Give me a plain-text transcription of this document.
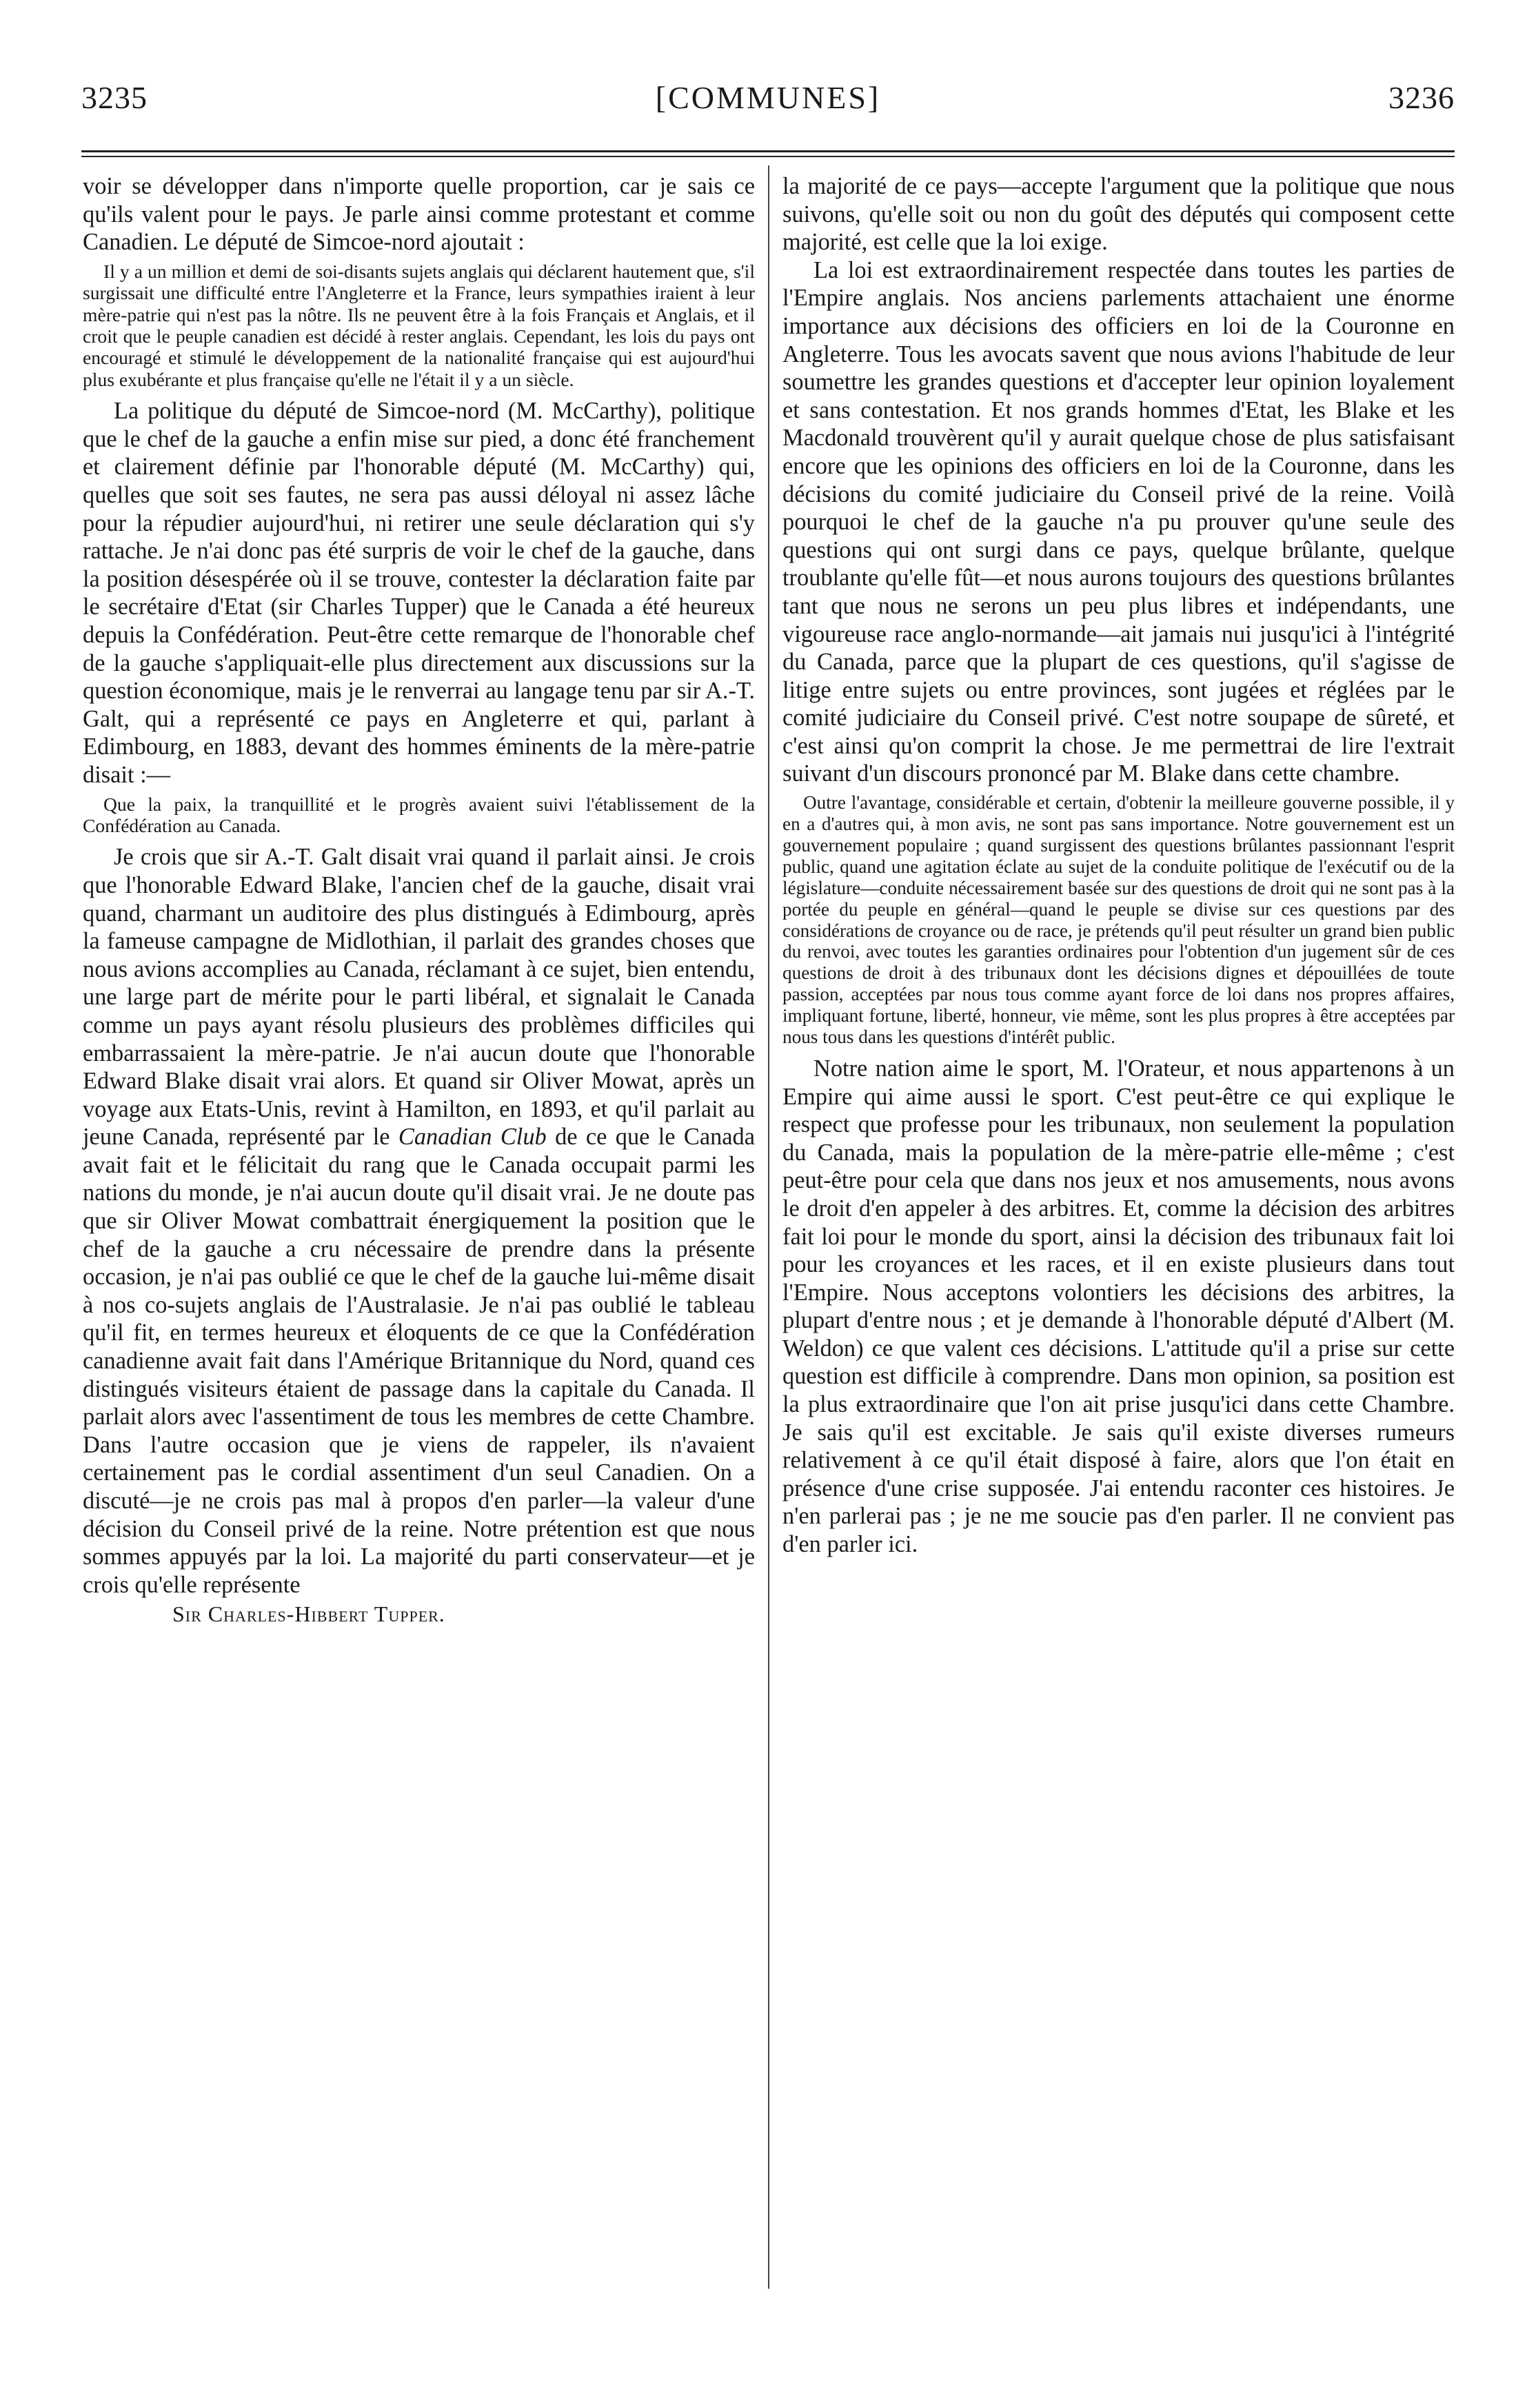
[COMMUNES]
3235	3236

voir se développer dans n'importe quelle proportion, car je sais ce qu'ils valent pour le pays. Je parle ainsi comme protestant et comme Canadien. Le député de Simcoe-nord ajoutait :

Il y a un million et demi de soi-disants sujets anglais qui déclarent hautement que, s'il surgissait une difficulté entre l'Angleterre et la France, leurs sympathies iraient à leur mère-patrie qui n'est pas la nôtre. Ils ne peuvent être à la fois Français et Anglais, et il croit que le peuple canadien est décidé à rester anglais. Cependant, les lois du pays ont encouragé et stimulé le développement de la nationalité française qui est aujourd'hui plus exubérante et plus française qu'elle ne l'était il y a un siècle.

La politique du député de Simcoe-nord (M. McCarthy), politique que le chef de la gauche a enfin mise sur pied, a donc été franchement et clairement définie par l'honorable député (M. McCarthy) qui, quelles que soit ses fautes, ne sera pas aussi déloyal ni assez lâche pour la répudier aujourd'hui, ni retirer une seule déclaration qui s'y rattache. Je n'ai donc pas été surpris de voir le chef de la gauche, dans la position désespérée où il se trouve, contester la déclaration faite par le secrétaire d'Etat (sir Charles Tupper) que le Canada a été heureux depuis la Confédération. Peut-être cette remarque de l'honorable chef de la gauche s'appliquait-elle plus directement aux discussions sur la question économique, mais je le renverrai au langage tenu par sir A.-T. Galt, qui a représenté ce pays en Angleterre et qui, parlant à Edimbourg, en 1883, devant des hommes éminents de la mère-patrie disait :—

Que la paix, la tranquillité et le progrès avaient suivi l'établissement de la Confédération au Canada.

Je crois que sir A.-T. Galt disait vrai quand il parlait ainsi. Je crois que l'honorable Edward Blake, l'ancien chef de la gauche, disait vrai quand, charmant un auditoire des plus distingués à Edimbourg, après la fameuse campagne de Midlothian, il parlait des grandes choses que nous avions accomplies au Canada, réclamant à ce sujet, bien entendu, une large part de mérite pour le parti libéral, et signalait le Canada comme un pays ayant résolu plusieurs des problèmes difficiles qui embarrassaient la mère-patrie. Je n'ai aucun doute que l'honorable Edward Blake disait vrai alors. Et quand sir Oliver Mowat, après un voyage aux Etats-Unis, revint à Hamilton, en 1893, et qu'il parlait au jeune Canada, représenté par le Canadian Club de ce que le Canada avait fait et le félicitait du rang que le Canada occupait parmi les nations du monde, je n'ai aucun doute qu'il disait vrai. Je ne doute pas que sir Oliver Mowat combattrait énergiquement la position que le chef de la gauche a cru nécessaire de prendre dans la présente occasion, je n'ai pas oublié ce que le chef de la gauche lui-même disait à nos co-sujets anglais de l'Australasie. Je n'ai pas oublié le tableau qu'il fit, en termes heureux et éloquents de ce que la Confédération canadienne avait fait dans l'Amérique Britannique du Nord, quand ces distingués visiteurs étaient de passage dans la capitale du Canada. Il parlait alors avec l'assentiment de tous les membres de cette Chambre. Dans l'autre occasion que je viens de rappeler, ils n'avaient certainement pas le cordial assentiment d'un seul Canadien. On a discuté—je ne crois pas mal à propos d'en parler—la valeur d'une décision du Conseil privé de la reine. Notre prétention est que nous sommes appuyés par la loi. La majorité du parti conservateur—et je crois qu'elle représente

Sir Charles-Hibbert Tupper.

la majorité de ce pays—accepte l'argument que la politique que nous suivons, qu'elle soit ou non du goût des députés qui composent cette majorité, est celle que la loi exige.

La loi est extraordinairement respectée dans toutes les parties de l'Empire anglais. Nos anciens parlements attachaient une énorme importance aux décisions des officiers en loi de la Couronne en Angleterre. Tous les avocats savent que nous avions l'habitude de leur soumettre les grandes questions et d'accepter leur opinion loyalement et sans contestation. Et nos grands hommes d'Etat, les Blake et les Macdonald trouvèrent qu'il y aurait quelque chose de plus satisfaisant encore que les opinions des officiers en loi de la Couronne, dans les décisions du comité judiciaire du Conseil privé de la reine. Voilà pourquoi le chef de la gauche n'a pu prouver qu'une seule des questions qui ont surgi dans ce pays, quelque brûlante, quelque troublante qu'elle fût—et nous aurons toujours des questions brûlantes tant que nous ne serons un peu plus libres et indépendants, une vigoureuse race anglo-normande—ait jamais nui jusqu'ici à l'intégrité du Canada, parce que la plupart de ces questions, qu'il s'agisse de litige entre sujets ou entre provinces, sont jugées et réglées par le comité judiciaire du Conseil privé. C'est notre soupape de sûreté, et c'est ainsi qu'on comprit la chose. Je me permettrai de lire l'extrait suivant d'un discours prononcé par M. Blake dans cette chambre.

Outre l'avantage, considérable et certain, d'obtenir la meilleure gouverne possible, il y en a d'autres qui, à mon avis, ne sont pas sans importance. Notre gouvernement est un gouvernement populaire ; quand surgissent des questions brûlantes passionnant l'esprit public, quand une agitation éclate au sujet de la conduite politique de l'exécutif ou de la législature—conduite nécessairement basée sur des questions de droit qui ne sont pas à la portée du peuple en général—quand le peuple se divise sur ces questions par des considérations de croyance ou de race, je prétends qu'il peut résulter un grand bien public du renvoi, avec toutes les garanties ordinaires pour l'obtention d'un jugement sûr de ces questions de droit à des tribunaux dont les décisions dignes et dépouillées de toute passion, acceptées par nous tous comme ayant force de loi dans nos propres affaires, impliquant fortune, liberté, honneur, vie même, sont les plus propres à être acceptées par nous tous dans les questions d'intérêt public.

Notre nation aime le sport, M. l'Orateur, et nous appartenons à un Empire qui aime aussi le sport. C'est peut-être ce qui explique le respect que professe pour les tribunaux, non seulement la population du Canada, mais la population de la mère-patrie elle-même ; c'est peut-être pour cela que dans nos jeux et nos amusements, nous avons le droit d'en appeler à des arbitres. Et, comme la décision des arbitres fait loi pour le monde du sport, ainsi la décision des tribunaux fait loi pour les croyances et les races, et il en existe plusieurs dans tout l'Empire. Nous acceptons volontiers les décisions des arbitres, la plupart d'entre nous ; et je demande à l'honorable député d'Albert (M. Weldon) ce que valent ces décisions. L'attitude qu'il a prise sur cette question est difficile à comprendre. Dans mon opinion, sa position est la plus extraordinaire que l'on ait prise jusqu'ici dans cette Chambre. Je sais qu'il est excitable. Je sais qu'il existe diverses rumeurs relativement à ce qu'il était disposé à faire, alors que l'on était en présence d'une crise supposée. J'ai entendu raconter ces histoires. Je n'en parlerai pas ; je ne me soucie pas d'en parler. Il ne convient pas d'en parler ici.
